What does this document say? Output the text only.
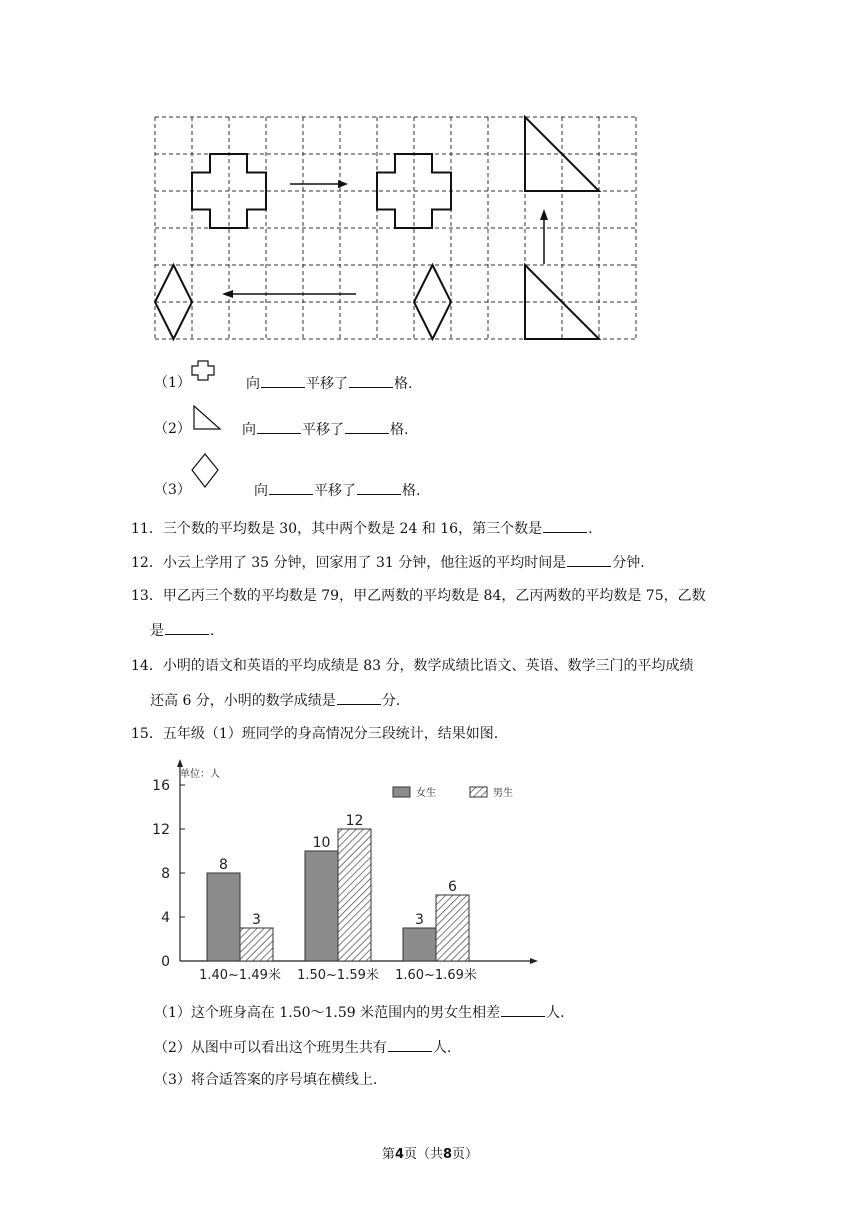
（1）	向	平移了	格.
（2）	向	平移了	格.
（3）	向	平移了	格.
11．三个数的平均数是 30，其中两个数是 24 和 16，第三个数是	.
12．小云上学用了 35 分钟，回家用了 31 分钟，他往返的平均时间是	分钟.
13．甲乙丙三个数的平均数是 79，甲乙两数的平均数是 84，乙丙两数的平均数是 75，乙数
是	.
14．小明的语文和英语的平均成绩是 83 分，数学成绩比语文、英语、数学三门的平均成绩
还高 6 分，小明的数学成绩是	分.
15．五年级（1）班同学的身高情况分三段统计，结果如图.
单位：人
女生	男生
0
4
8
12
16
8
3
10
12
3
6
1.40~1.49米 1.50~1.59米 1.60~1.69米
（1）这个班身高在 1.50～1.59 米范围内的男女生相差	人.
（2）从图中可以看出这个班男生共有	人.
（3）将合适答案的序号填在横线上.
第4页（共8页）
